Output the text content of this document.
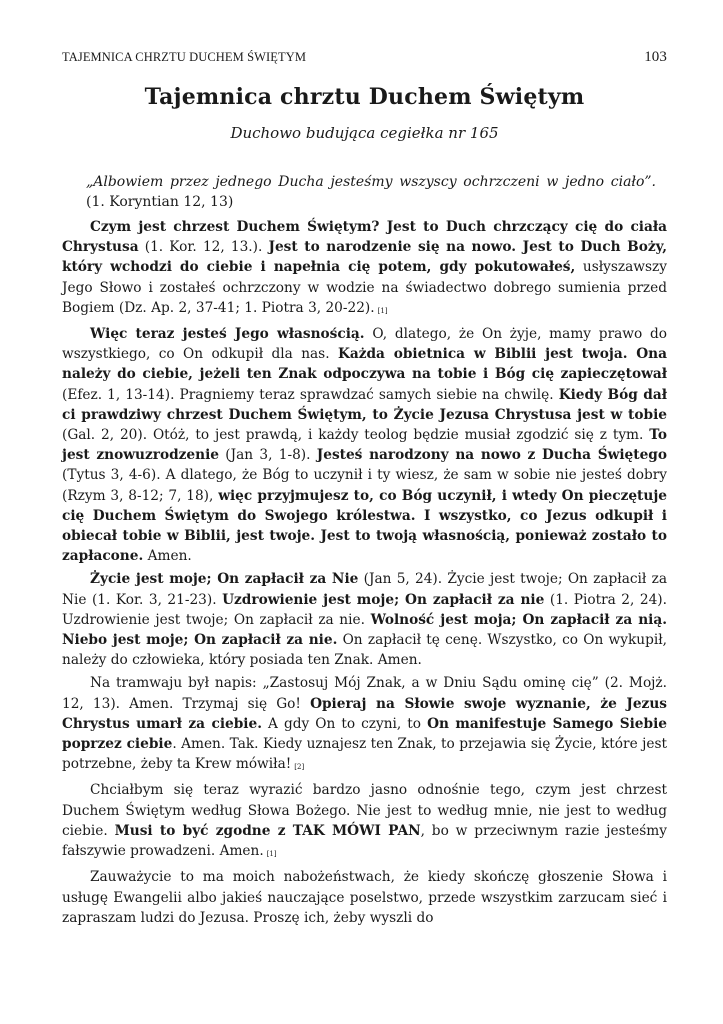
TAJEMNICA CHRZTU DUCHEM ŚWIĘTYM	103
Tajemnica chrztu Duchem Świętym
Duchowo budująca cegiełka nr 165
„Albowiem przez jednego Ducha jesteśmy wszyscy ochrzczeni w jedno ciało”. (1. Koryntian 12, 13)

Czym jest chrzest Duchem Świętym? Jest to Duch chrzczący cię do ciała Chrystusa (1. Kor. 12, 13.). Jest to narodzenie się na nowo. Jest to Duch Boży, który wchodzi do ciebie i napełnia cię potem, gdy pokutowałeś, usłyszawszy Jego Słowo i zostałeś ochrzczony w wodzie na świadectwo dobrego sumienia przed Bogiem (Dz. Ap. 2, 37-41; 1. Piotra 3, 20-22). [1]

Więc teraz jesteś Jego własnością. O, dlatego, że On żyje, mamy prawo do wszystkiego, co On odkupił dla nas. Każda obietnica w Biblii jest twoja. Ona należy do ciebie, jeżeli ten Znak odpoczywa na tobie i Bóg cię zapieczętował (Efez. 1, 13-14). Pragniemy teraz sprawdzać samych siebie na chwilę. Kiedy Bóg dał ci prawdziwy chrzest Duchem Świętym, to Życie Jezusa Chrystusa jest w tobie (Gal. 2, 20). Otóż, to jest prawdą, i każdy teolog będzie musiał zgodzić się z tym. To jest znowuzrodzenie (Jan 3, 1-8). Jesteś narodzony na nowo z Ducha Świętego (Tytus 3, 4-6). A dlatego, że Bóg to uczynił i ty wiesz, że sam w sobie nie jesteś dobry (Rzym 3, 8-12; 7, 18), więc przyjmujesz to, co Bóg uczynił, i wtedy On pieczętuje cię Duchem Świętym do Swojego królestwa. I wszystko, co Jezus odkupił i obiecał tobie w Biblii, jest twoje. Jest to twoją własnością, ponieważ zostało to zapłacone. Amen.

Życie jest moje; On zapłacił za Nie (Jan 5, 24). Życie jest twoje; On zapłacił za Nie (1. Kor. 3, 21-23). Uzdrowienie jest moje; On zapłacił za nie (1. Piotra 2, 24). Uzdrowienie jest twoje; On zapłacił za nie. Wolność jest moja; On zapłacił za nią. Niebo jest moje; On zapłacił za nie. On zapłacił tę cenę. Wszystko, co On wykupił, należy do człowieka, który posiada ten Znak. Amen.

Na tramwaju był napis: „Zastosuj Mój Znak, a w Dniu Sądu ominę cię” (2. Mojż. 12, 13). Amen. Trzymaj się Go! Opieraj na Słowie swoje wyznanie, że Jezus Chrystus umarł za ciebie. A gdy On to czyni, to On manifestuje Samego Siebie poprzez ciebie. Amen. Tak. Kiedy uznajesz ten Znak, to przejawia się Życie, które jest potrzebne, żeby ta Krew mówiła! [2]

Chciałbym się teraz wyrazić bardzo jasno odnośnie tego, czym jest chrzest Duchem Świętym według Słowa Bożego. Nie jest to według mnie, nie jest to według ciebie. Musi to być zgodne z TAK MÓWI PAN, bo w przeciwnym razie jesteśmy fałszywie prowadzeni. Amen. [1]

Zauważycie to ma moich nabożeństwach, że kiedy skończę głoszenie Słowa i usługę Ewangelii albo jakieś nauczające poselstwo, przede wszystkim zarzucam sieć i zapraszam ludzi do Jezusa. Proszę ich, żeby wyszli do
